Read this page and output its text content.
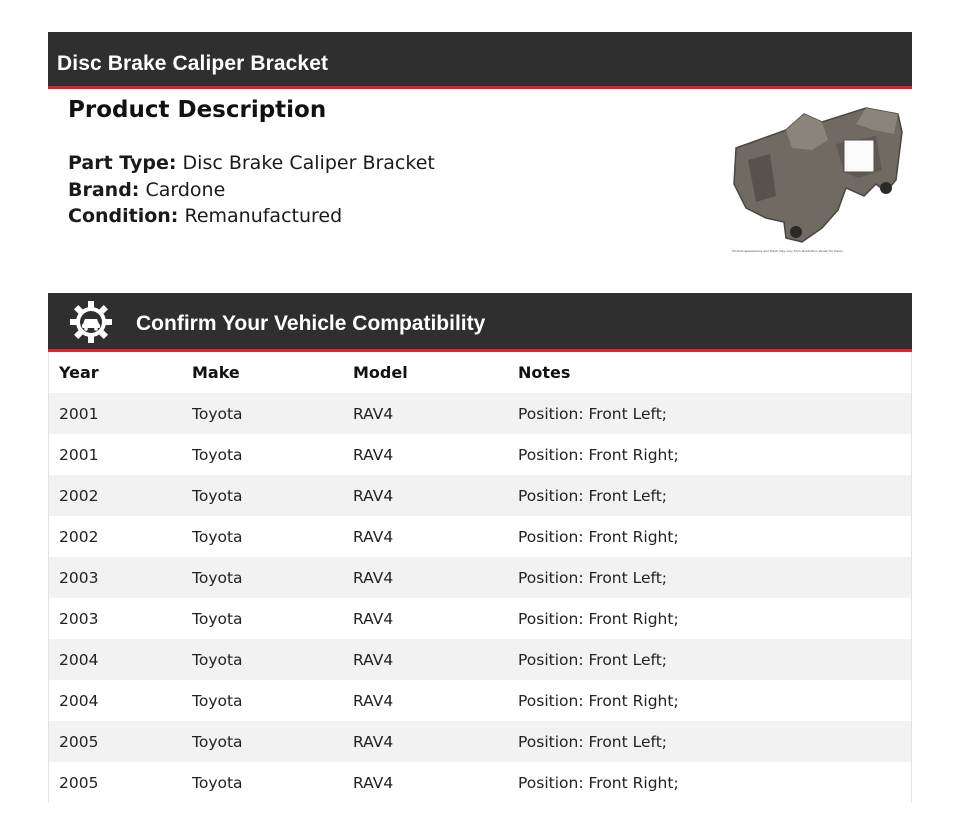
Disc Brake Caliper Bracket
Product Description
Part Type: Disc Brake Caliper Bracket
Brand: Cardone
Condition: Remanufactured
Product appearance and finish may vary from illustration shown for items
Confirm Your Vehicle Compatibility
Year	Make	Model	Notes
2001	Toyota	RAV4	Position: Front Left;
2001	Toyota	RAV4	Position: Front Right;
2002	Toyota	RAV4	Position: Front Left;
2002	Toyota	RAV4	Position: Front Right;
2003	Toyota	RAV4	Position: Front Left;
2003	Toyota	RAV4	Position: Front Right;
2004	Toyota	RAV4	Position: Front Left;
2004	Toyota	RAV4	Position: Front Right;
2005	Toyota	RAV4	Position: Front Left;
2005	Toyota	RAV4	Position: Front Right;
